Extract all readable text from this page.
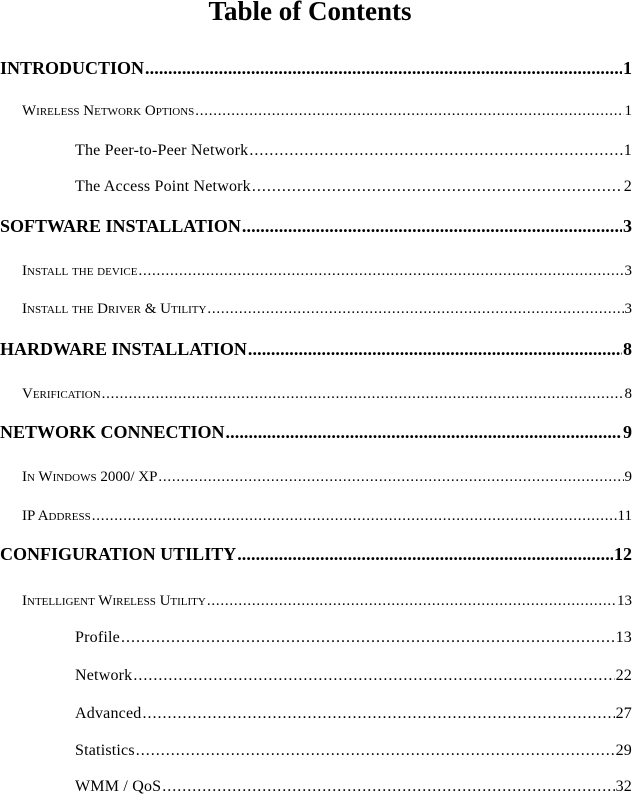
Table of Contents
INTRODUCTION . . .	1
Wireless Network Options . . .	1
The Peer-to-Peer Network . . .	1
The Access Point Network . . .	2
SOFTWARE INSTALLATION . . .	3
Install the device . . .	3
Install the Driver & Utility . . .	3
HARDWARE INSTALLATION . . .	8
Verification . . .	8
NETWORK CONNECTION . . .	9
In Windows 2000/ XP . . .	9
IP Address . . .	11
CONFIGURATION UTILITY . . .	12
Intelligent Wireless Utility . . .	13
Profile . . .	13
Network . . .	22
Advanced . . .	27
Statistics . . .	29
WMM / QoS . . .	32
